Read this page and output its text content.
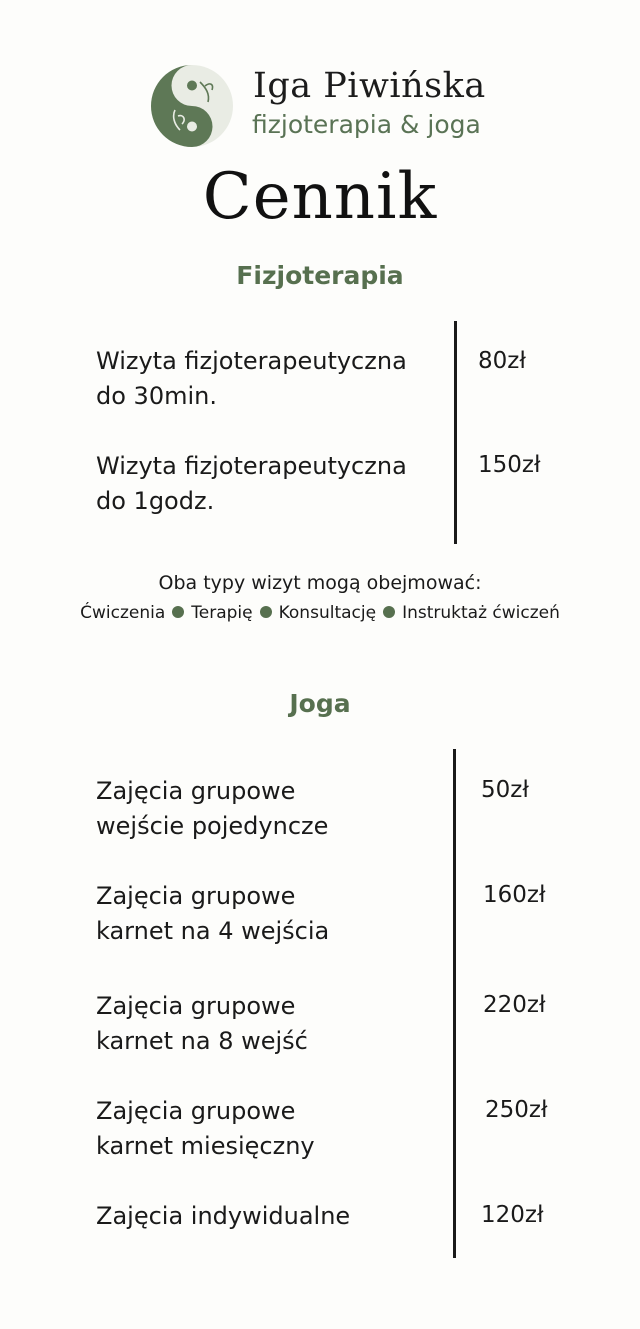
Iga Piwińska
fizjoterapia & joga
Cennik
Fizjoterapia
Wizyta fizjoterapeutyczna
do 30min.
80zł
Wizyta fizjoterapeutyczna
do 1godz.
150zł
Oba typy wizyt mogą obejmować:
Ćwiczenia Terapię Konsultację Instruktaż ćwiczeń
Joga
Zajęcia grupowe
wejście pojedyncze
50zł
Zajęcia grupowe
karnet na 4 wejścia
160zł
Zajęcia grupowe
karnet na 8 wejść
220zł
Zajęcia grupowe
karnet miesięczny
250zł
Zajęcia indywidualne	120zł
